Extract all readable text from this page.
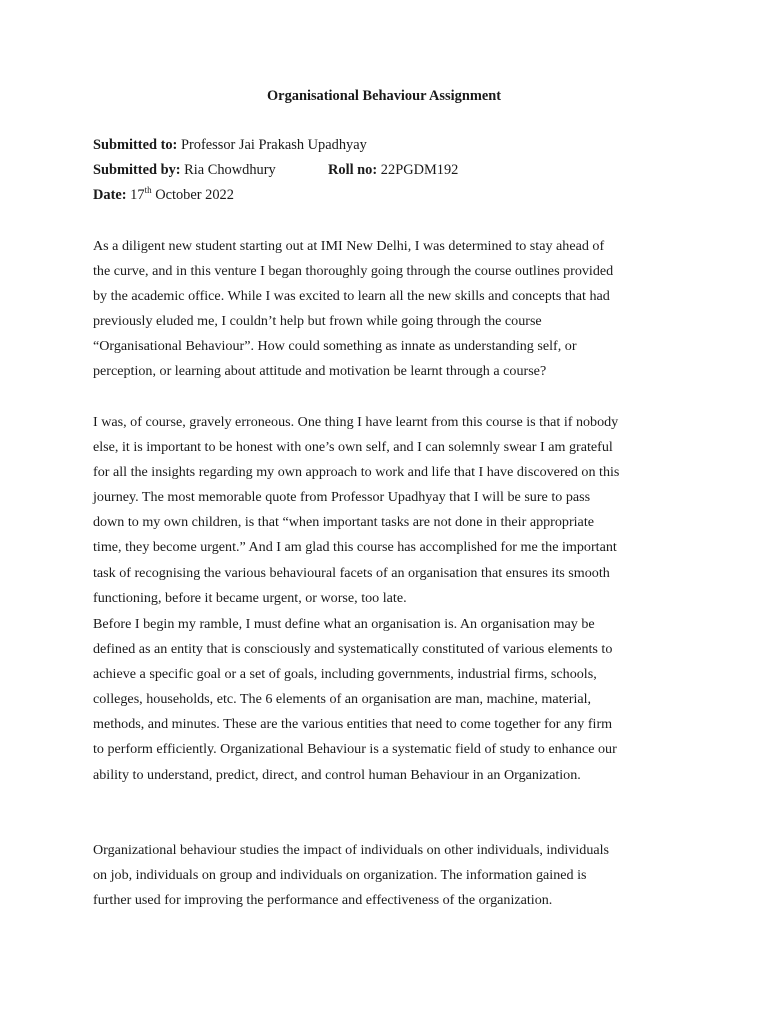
Organisational Behaviour Assignment
Submitted to: Professor Jai Prakash Upadhyay
Submitted by: Ria Chowdhury	Roll no: 22PGDM192
Date: 17th October 2022

As a diligent new student starting out at IMI New Delhi, I was determined to stay ahead of
the curve, and in this venture I began thoroughly going through the course outlines provided
by the academic office. While I was excited to learn all the new skills and concepts that had
previously eluded me, I couldn’t help but frown while going through the course
“Organisational Behaviour”. How could something as innate as understanding self, or
perception, or learning about attitude and motivation be learnt through a course?

I was, of course, gravely erroneous. One thing I have learnt from this course is that if nobody
else, it is important to be honest with one’s own self, and I can solemnly swear I am grateful
for all the insights regarding my own approach to work and life that I have discovered on this
journey. The most memorable quote from Professor Upadhyay that I will be sure to pass
down to my own children, is that “when important tasks are not done in their appropriate
time, they become urgent.” And I am glad this course has accomplished for me the important
task of recognising the various behavioural facets of an organisation that ensures its smooth
functioning, before it became urgent, or worse, too late.

Before I begin my ramble, I must define what an organisation is. An organisation may be
defined as an entity that is consciously and systematically constituted of various elements to
achieve a specific goal or a set of goals, including governments, industrial firms, schools,
colleges, households, etc. The 6 elements of an organisation are man, machine, material,
methods, and minutes. These are the various entities that need to come together for any firm
to perform efficiently. Organizational Behaviour is a systematic field of study to enhance our
ability to understand, predict, direct, and control human Behaviour in an Organization.

Organizational behaviour studies the impact of individuals on other individuals, individuals
on job, individuals on group and individuals on organization. The information gained is
further used for improving the performance and effectiveness of the organization.
